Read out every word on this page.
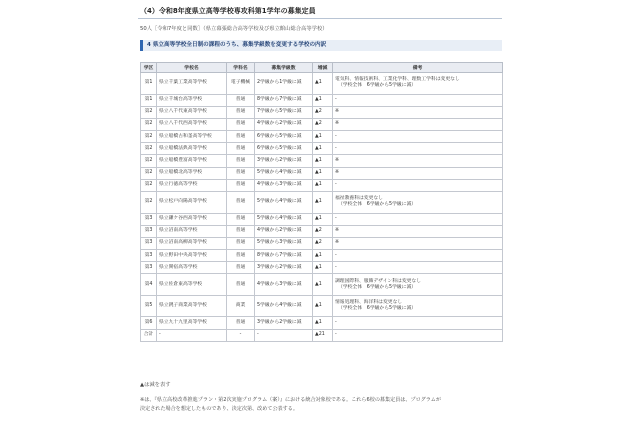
（4）令和8年度県立高等学校専攻科第1学年の募集定員
50人［令和7年度と同数］（県立幕張総合高等学校及び県立館山総合高等学校）
4 県立高等学校全日制の課程のうち、募集学級数を変更する学校の内訳
学区	学校名	学科名	募集学級数	増減	備考
第1	県立千葉工業高等学校	電子機械	2学級から1学級に減	▲1	電気科、情報技術科、工業化学科、理数工学科は変更なし
（学校全体　6学級から5学級に減）

第1	県立千城台高等学校	普通	8学級から7学級に減	▲1	-

第2	県立八千代東高等学校	普通	7学級から5学級に減	▲2	※

第2	県立八千代西高等学校	普通	4学級から2学級に減	▲2	※

第2	県立船橋古和釜高等学校	普通	6学級から5学級に減	▲1	-

第2	県立船橋法典高等学校	普通	6学級から5学級に減	▲1	-

第2	県立船橋豊富高等学校	普通	3学級から2学級に減	▲1	※

第2	県立船橋北高等学校	普通	5学級から4学級に減	▲1	※

第2	県立行徳高等学校	普通	4学級から3学級に減	▲1	-

第2	県立松戸向陽高等学校	普通	5学級から4学級に減	▲1	福祉教養科は変更なし
（学校全体　6学級から5学級に減）

第3	県立鎌ケ谷西高等学校	普通	5学級から4学級に減	▲1	-

第3	県立沼南高等学校	普通	4学級から2学級に減	▲2	※

第3	県立沼南高柳高等学校	普通	5学級から3学級に減	▲2	※

第3	県立野田中央高等学校	普通	8学級から7学級に減	▲1	-

第3	県立関宿高等学校	普通	3学級から2学級に減	▲1	-

第4	県立佐倉東高等学校	普通	4学級から3学級に減	▲1	調理国際科、服飾デザイン科は変更なし
（学校全体　6学級から5学級に減）

第5	県立銚子商業高等学校	商業	5学級から4学級に減	▲1	情報処理科、海洋科は変更なし
（学校全体　6学級から5学級に減）

第6	県立九十九里高等学校	普通	3学級から2学級に減	▲1	-

合計	-	-	-	▲21	-
▲は減を表す
※は、『県立高校改革推進プラン・第2次実施プログラム（案）』における統合対象校である。これら6校の募集定員は、プログラムが
決定された場合を想定したものであり、決定次第、改めて公表する。
